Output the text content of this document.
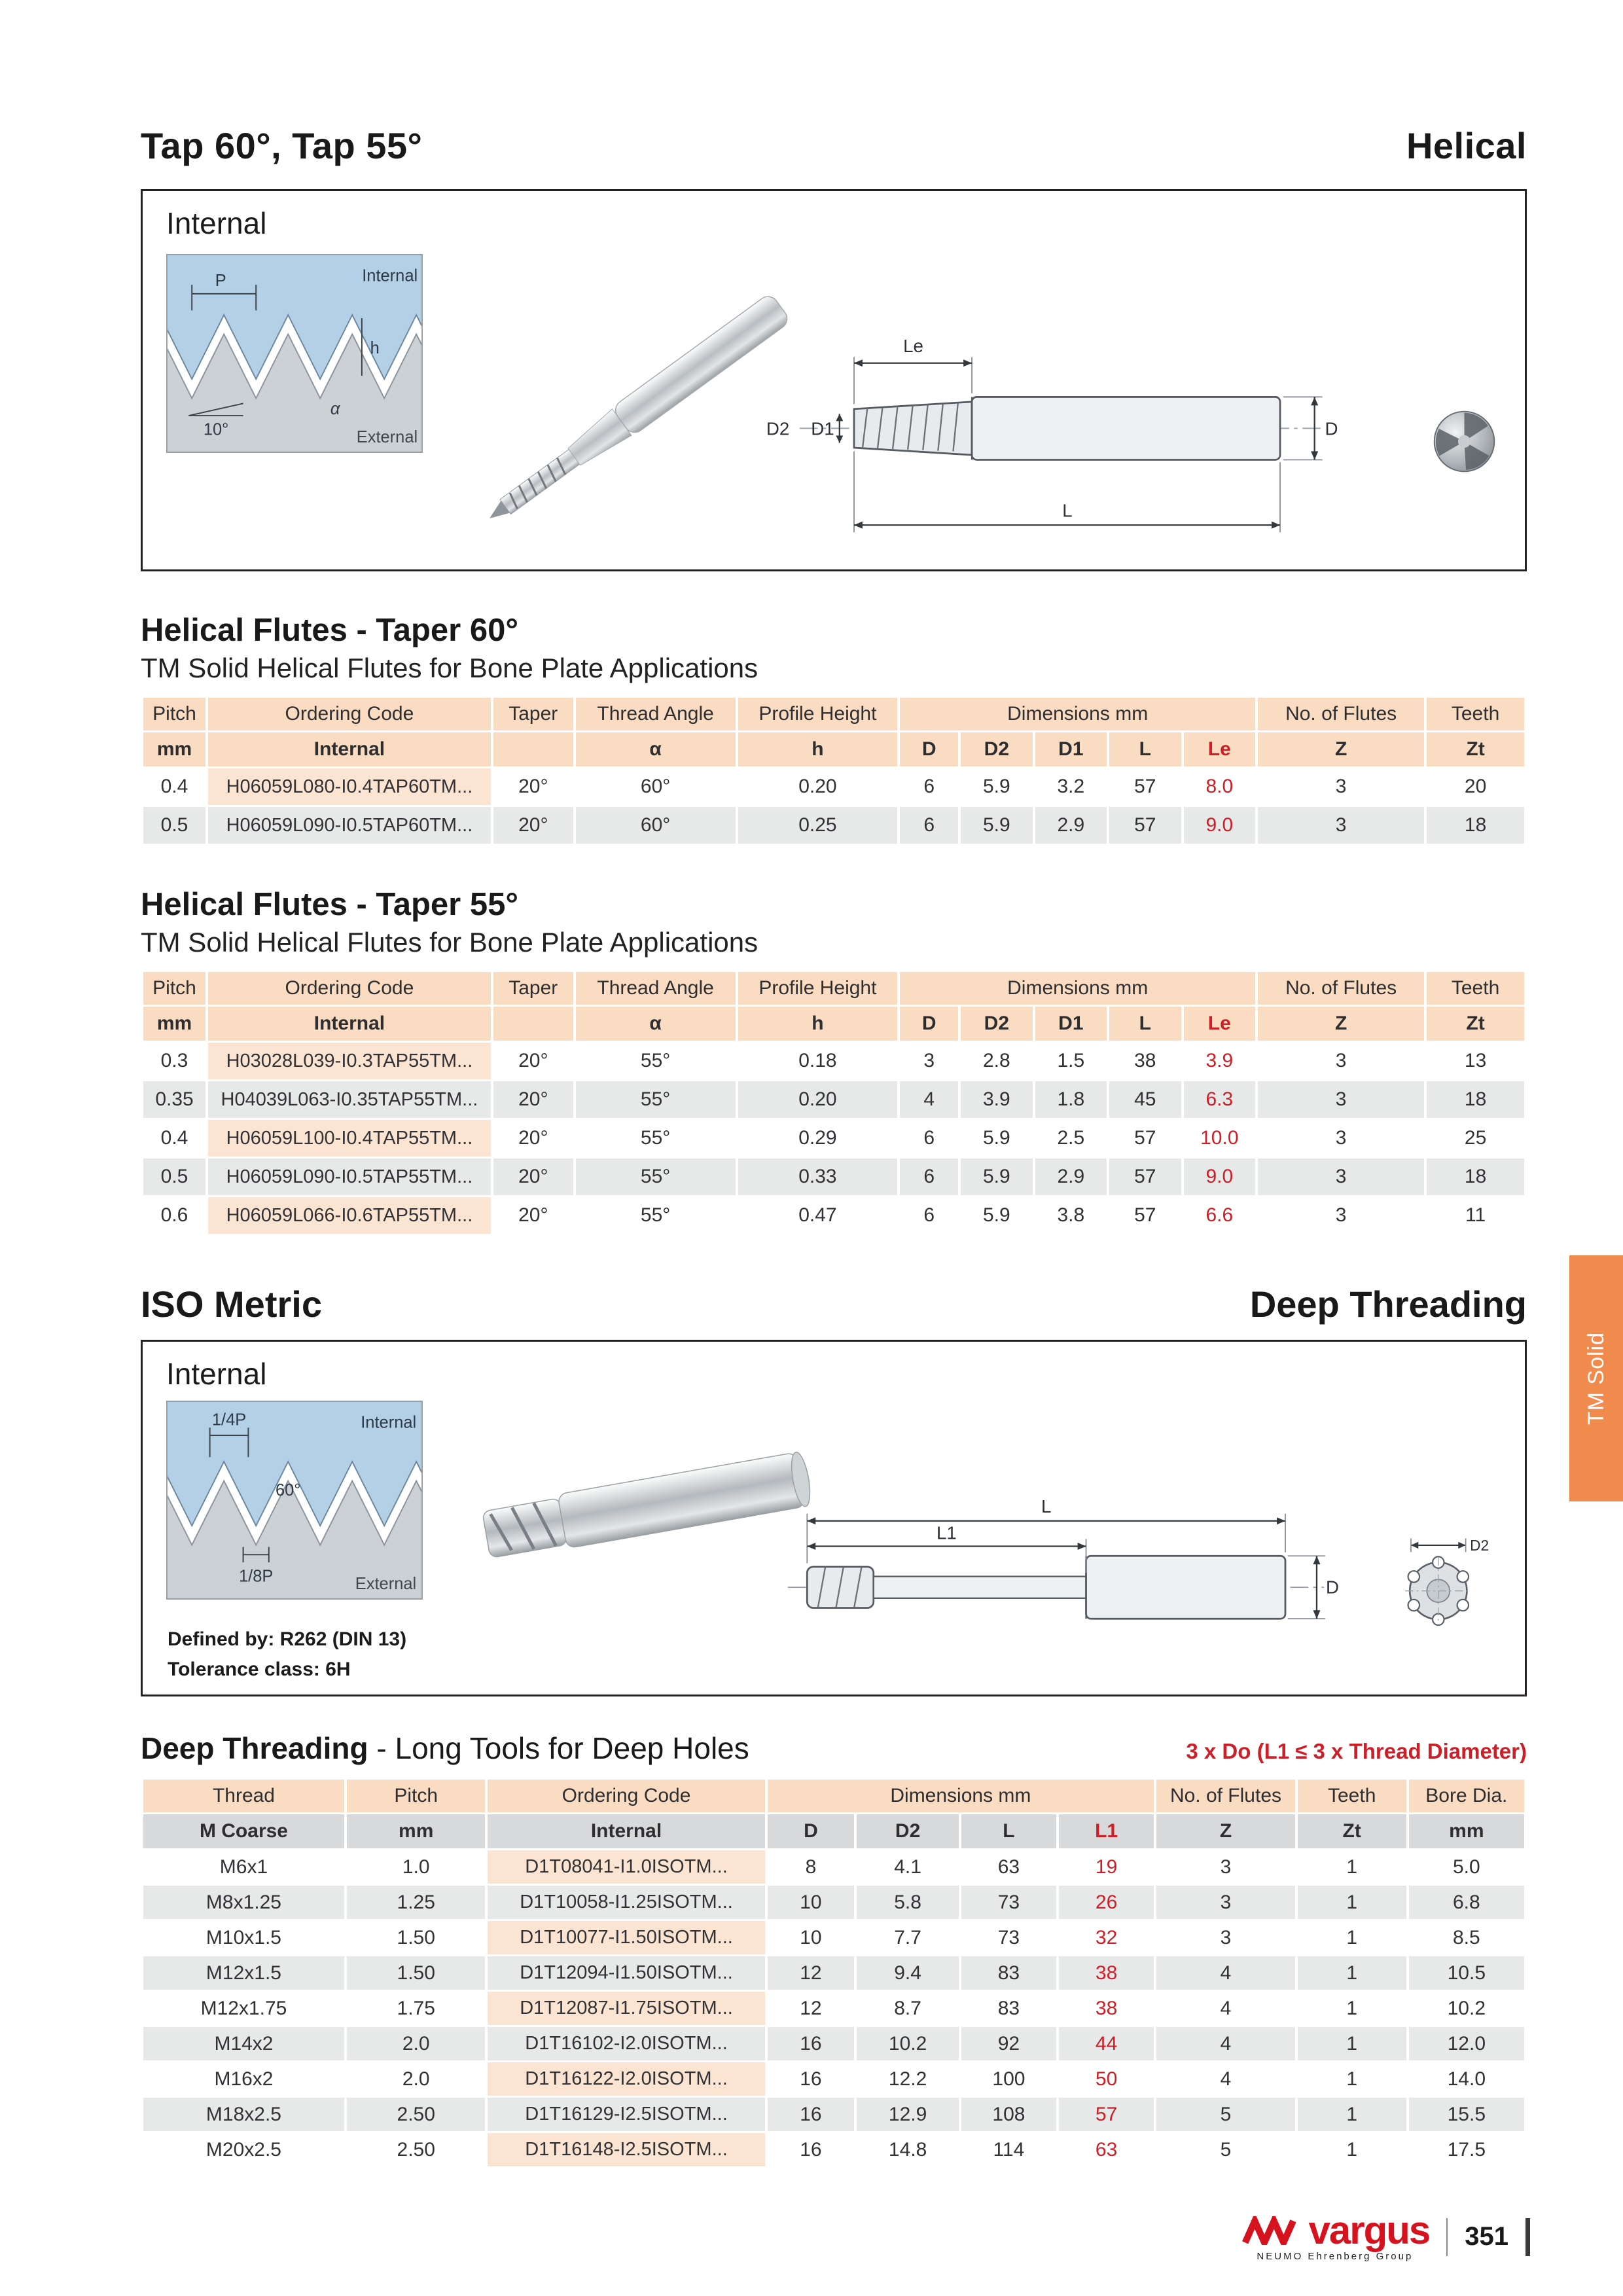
Tap 60°, Tap 55°	Helical
Internal
Internal
External
P
h
10°
α
Le
D2 D1
L
D
Helical Flutes - Taper 60°
TM Solid Helical Flutes for Bone Plate Applications
Pitch	Ordering Code	Taper	Thread Angle	Profile Height	Dimensions mm					No. of Flutes	Teeth
mm	Internal		α	h	D	D2	D1	L	Le	Z	Zt
0.4	H06059L080-I0.4TAP60TM...	20°	60°	0.20	6	5.9	3.2	57	8.0	3	20
0.5	H06059L090-I0.5TAP60TM...	20°	60°	0.25	6	5.9	2.9	57	9.0	3	18
Helical Flutes - Taper 55°
TM Solid Helical Flutes for Bone Plate Applications
Pitch	Ordering Code	Taper	Thread Angle	Profile Height	Dimensions mm					No. of Flutes	Teeth
mm	Internal		α	h	D	D2	D1	L	Le	Z	Zt
0.3	H03028L039-I0.3TAP55TM...	20°	55°	0.18	3	2.8	1.5	38	3.9	3	13
0.35	H04039L063-I0.35TAP55TM...	20°	55°	0.20	4	3.9	1.8	45	6.3	3	18
0.4	H06059L100-I0.4TAP55TM...	20°	55°	0.29	6	5.9	2.5	57	10.0	3	25
0.5	H06059L090-I0.5TAP55TM...	20°	55°	0.33	6	5.9	2.9	57	9.0	3	18
0.6	H06059L066-I0.6TAP55TM...	20°	55°	0.47	6	5.9	3.8	57	6.6	3	11
ISO Metric	Deep Threading
Internal
1/4P	Internal
60°
1/8P	External
Defined by: R262 (DIN 13)
Tolerance class: 6H
L
L1
D
D2
Deep Threading - Long Tools for Deep Holes	3 x Do (L1 ≤ 3 x Thread Diameter)
Thread	Pitch	Ordering Code	Dimensions mm				No. of Flutes	Teeth	Bore Dia.
M Coarse	mm	Internal	D	D2	L	L1	Z	Zt	mm
M6x1	1.0	D1T08041-I1.0ISOTM...	8	4.1	63	19	3	1	5.0
M8x1.25	1.25	D1T10058-I1.25ISOTM...	10	5.8	73	26	3	1	6.8
M10x1.5	1.50	D1T10077-I1.50ISOTM...	10	7.7	73	32	3	1	8.5
M12x1.5	1.50	D1T12094-I1.50ISOTM...	12	9.4	83	38	4	1	10.5
M12x1.75	1.75	D1T12087-I1.75ISOTM...	12	8.7	83	38	4	1	10.2
M14x2	2.0	D1T16102-I2.0ISOTM...	16	10.2	92	44	4	1	12.0
M16x2	2.0	D1T16122-I2.0ISOTM...	16	12.2	100	50	4	1	14.0
M18x2.5	2.50	D1T16129-I2.5ISOTM...	16	12.9	108	57	5	1	15.5
M20x2.5	2.50	D1T16148-I2.5ISOTM...	16	14.8	114	63	5	1	17.5
TM Solid
vargus
NEUMO Ehrenberg Group
351
